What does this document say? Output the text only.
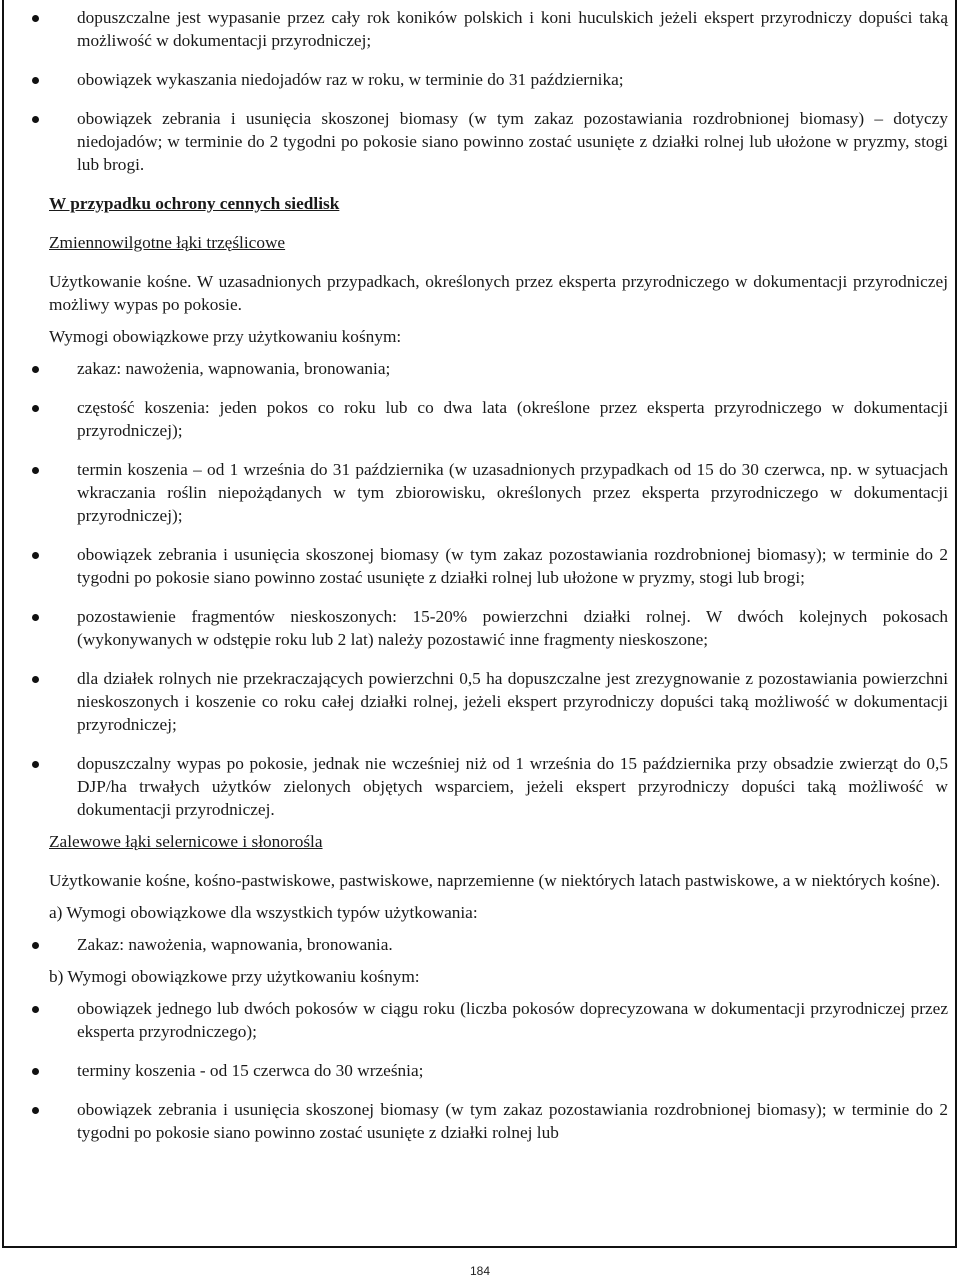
dopuszczalne jest wypasanie przez cały rok koników polskich i koni huculskich jeżeli ekspert przyrodniczy dopuści taką możliwość w dokumentacji przyrodniczej;
obowiązek wykaszania niedojadów raz w roku, w terminie do 31 października;
obowiązek zebrania i usunięcia skoszonej biomasy (w tym zakaz pozostawiania rozdrobnionej biomasy) – dotyczy niedojadów; w terminie do 2 tygodni po pokosie siano powinno zostać usunięte z działki rolnej lub ułożone w pryzmy, stogi lub brogi.

W przypadku ochrony cennych siedlisk

Zmiennowilgotne łąki trzęślicowe

Użytkowanie kośne. W uzasadnionych przypadkach, określonych przez eksperta przyrodniczego w dokumentacji przyrodniczej możliwy wypas po pokosie.

Wymogi obowiązkowe przy użytkowaniu kośnym:

zakaz: nawożenia, wapnowania, bronowania;
częstość koszenia: jeden pokos co roku lub co dwa lata (określone przez eksperta przyrodniczego w dokumentacji przyrodniczej);
termin koszenia – od 1 września do 31 października (w uzasadnionych przypadkach od 15 do 30 czerwca, np. w sytuacjach wkraczania roślin niepożądanych w tym zbiorowisku, określonych przez eksperta przyrodniczego w dokumentacji przyrodniczej);
obowiązek zebrania i usunięcia skoszonej biomasy (w tym zakaz pozostawiania rozdrobnionej biomasy); w terminie do 2 tygodni po pokosie siano powinno zostać usunięte z działki rolnej lub ułożone w pryzmy, stogi lub brogi;
pozostawienie fragmentów nieskoszonych: 15-20% powierzchni działki rolnej. W dwóch kolejnych pokosach (wykonywanych w odstępie roku lub 2 lat) należy pozostawić inne fragmenty nieskoszone;
dla działek rolnych nie przekraczających powierzchni 0,5 ha dopuszczalne jest zrezygnowanie z pozostawiania powierzchni nieskoszonych i koszenie co roku całej działki rolnej, jeżeli ekspert przyrodniczy dopuści taką możliwość w dokumentacji przyrodniczej;
dopuszczalny wypas po pokosie, jednak nie wcześniej niż od 1 września do 15 października przy obsadzie zwierząt do 0,5 DJP/ha trwałych użytków zielonych objętych wsparciem, jeżeli ekspert przyrodniczy dopuści taką możliwość w dokumentacji przyrodniczej.

Zalewowe łąki selernicowe i słonorośla

Użytkowanie kośne, kośno-pastwiskowe, pastwiskowe, naprzemienne (w niektórych latach pastwiskowe, a w niektórych kośne).

a) Wymogi obowiązkowe dla wszystkich typów użytkowania:

Zakaz: nawożenia, wapnowania, bronowania.

b) Wymogi obowiązkowe przy użytkowaniu kośnym:

obowiązek jednego lub dwóch pokosów w ciągu roku (liczba pokosów doprecyzowana w dokumentacji przyrodniczej przez eksperta przyrodniczego);
terminy koszenia - od 15 czerwca do 30 września;
obowiązek zebrania i usunięcia skoszonej biomasy (w tym zakaz pozostawiania rozdrobnionej biomasy); w terminie do 2 tygodni po pokosie siano powinno zostać usunięte z działki rolnej lub
184
